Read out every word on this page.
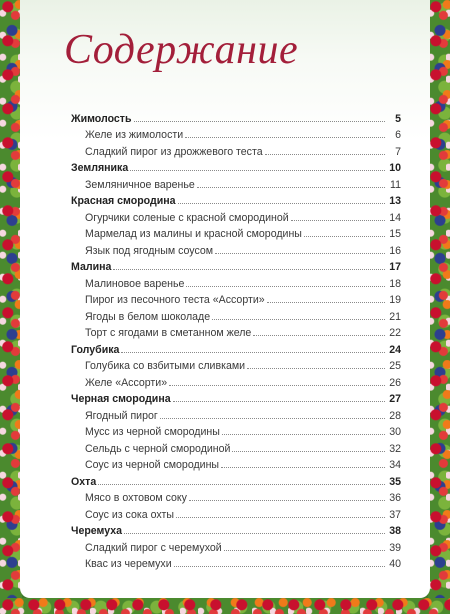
Содержание
Жимолость	5
Желе из жимолости	6
Сладкий пирог из дрожжевого теста	7
Земляника	10
Земляничное варенье	11
Красная смородина	13
Огурчики соленые с красной смородиной	14
Мармелад из малины и красной смородины	15
Язык под ягодным соусом	16
Малина	17
Малиновое варенье	18
Пирог из песочного теста «Ассорти»	19
Ягоды в белом шоколаде	21
Торт с ягодами в сметанном желе	22
Голубика	24
Голубика со взбитыми сливками	25
Желе «Ассорти»	26
Черная смородина	27
Ягодный пирог	28
Мусс из черной смородины	30
Сельдь с черной смородиной	32
Соус из черной смородины	34
Охта	35
Мясо в охтовом соку	36
Соус из сока охты	37
Черемуха	38
Сладкий пирог с черемухой	39
Квас из черемухи	40
